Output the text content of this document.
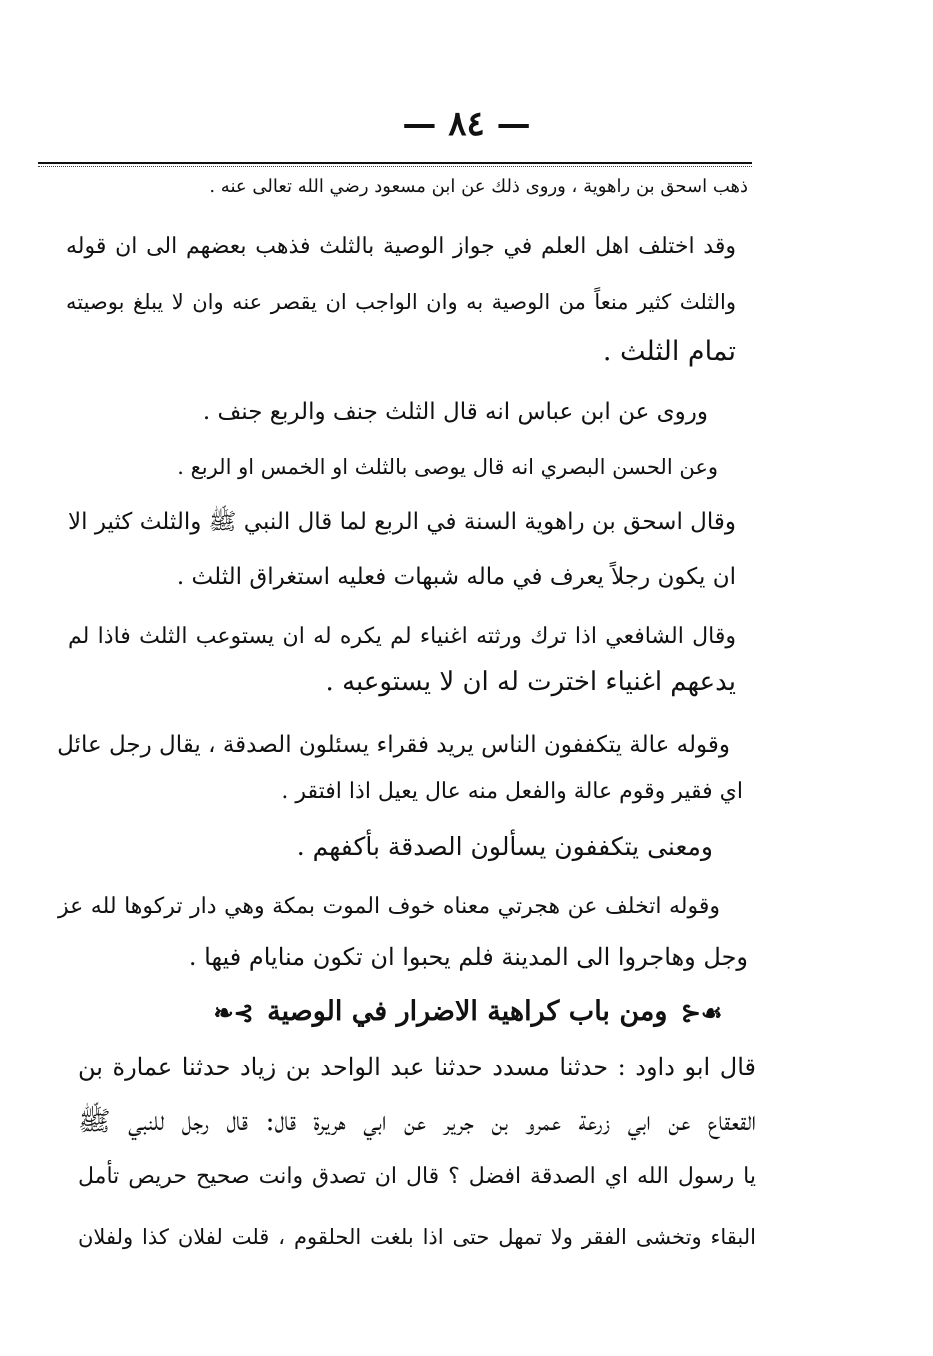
— ٨٤ —
ذهب اسحق بن راهوية ، وروى ذلك عن ابن مسعود رضي الله تعالى عنه .
وقد اختلف اهل العلم في جواز الوصية بالثلث فذهب بعضهم الى ان قوله
والثلث كثير منعاً من الوصية به وان الواجب ان يقصر عنه وان لا يبلغ بوصيته
تمام الثلث .
وروى عن ابن عباس انه قال الثلث جنف والربع جنف .
وعن الحسن البصري انه قال يوصى بالثلث او الخمس او الربع .
وقال اسحق بن راهوية السنة في الربع لما قال النبي ﷺ والثلث كثير الا
ان يكون رجلاً يعرف في ماله شبهات فعليه استغراق الثلث .
وقال الشافعي اذا ترك ورثته اغنياء لم يكره له ان يستوعب الثلث فاذا لم
يدعهم اغنياء اخترت له ان لا يستوعبه .
وقوله عالة يتكففون الناس يريد فقراء يسئلون الصدقة ، يقال رجل عائل
اي فقير وقوم عالة والفعل منه عال يعيل اذا افتقر .
ومعنى يتكففون يسألون الصدقة بأكفهم .
وقوله اتخلف عن هجرتي معناه خوف الموت بمكة وهي دار تركوها لله عز
وجل وهاجروا الى المدينة فلم يحبوا ان تكون منايام فيها .
☙⊰ ومن باب كراهية الاضرار في الوصية ⊱❧
قال ابو داود : حدثنا مسدد حدثنا عبد الواحد بن زياد حدثنا عمارة بن
القعقاع عن ابي زرعة عمرو بن جرير عن ابي هريرة قال: قال رجل للنبي ﷺ
يا رسول الله اي الصدقة افضل ؟ قال ان تصدق وانت صحيح حريص تأمل
البقاء وتخشى الفقر ولا تمهل حتى اذا بلغت الحلقوم ، قلت لفلان كذا ولفلان
